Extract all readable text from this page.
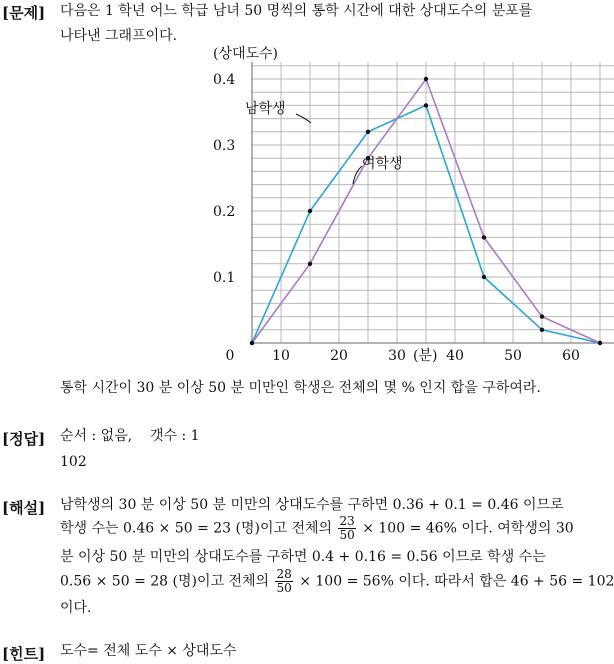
[문제] 다음은 1 학년 어느 학급 남녀 50 명씩의 통학 시간에 대한 상대도수의 분포를
나타낸 그래프이다.
(상대도수)
0.1
0.2
0.3
0.4
0	10	20	30	40	50	60
(분)
남학생
여학생
통학 시간이 30 분 이상 50 분 미만인 학생은 전체의 몇 % 인지 합을 구하여라.
[정답] 순서 : 없음,    갯수 : 1
102
[해설] 남학생의 30 분 이상 50 분 미만의 상대도수를 구하면 0.36 + 0.1 = 0.46 이므로
학생 수는 0.46 × 50 = 23 (명)이고 전체의 $\frac{23}{50} \times 100 = 46\%$ 이다. 여학생의 30
분 이상 50 분 미만의 상대도수를 구하면 0.4 + 0.16 = 0.56 이므로 학생 수는
0.56 × 50 = 28 (명)이고 전체의 $\frac{28}{50} \times 100 = 56\%$ 이다. 따라서 합은 46 + 56 = 102
이다.
[힌트] 도수= 전체 도수 × 상대도수
